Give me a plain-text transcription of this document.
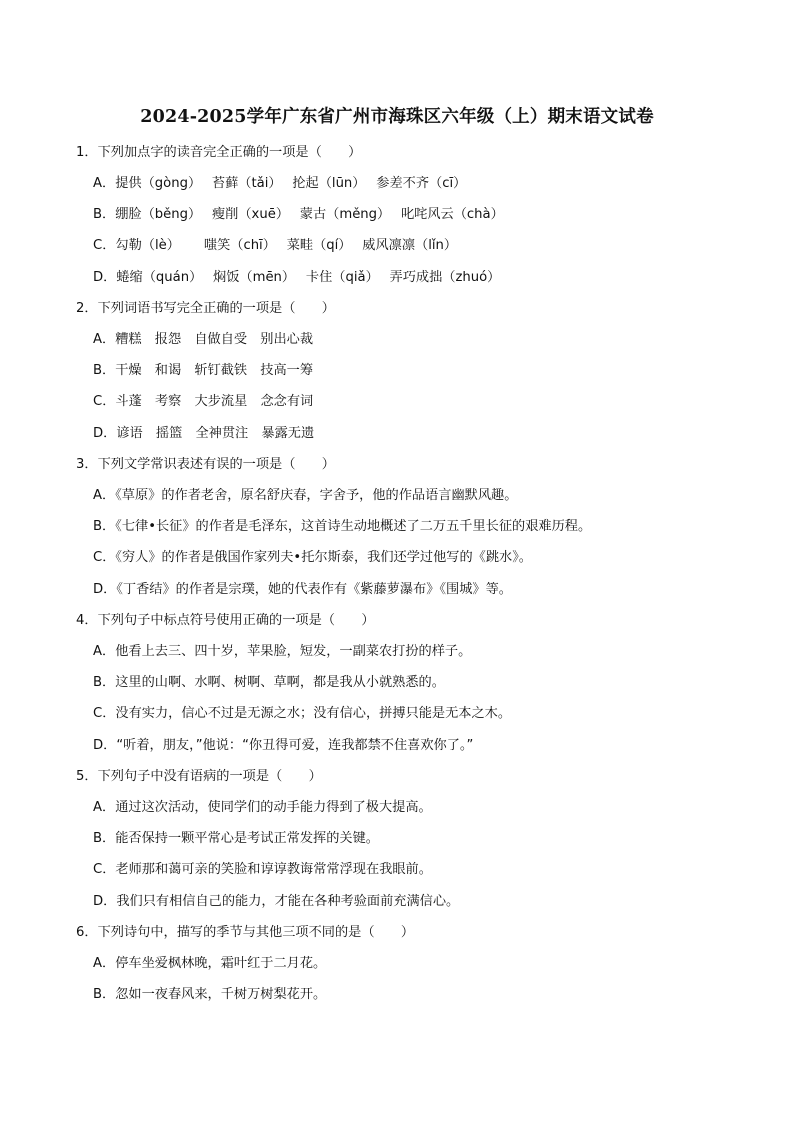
2024-2025学年广东省广州市海珠区六年级（上）期末语文试卷
1．下列加点字的读音完全正确的一项是（　　）
A．提供（gòng）　 苔藓（tǎi）　 抡起（lūn）　 参差不齐（cī）
B．绷脸（běng）　 瘦削（xuē）　 蒙古（měng）　 叱咤风云（chà）
C．勾勒（lè）　　 嗤笑（chī）　 菜畦（qí）　 威风凛凛（lǐn）
D．蜷缩（quán）　 焖饭（mēn）　 卡住（qiǎ）　 弄巧成拙（zhuó）
2．下列词语书写完全正确的一项是（　　）
A．糟糕　报怨　自做自受　别出心裁
B．干燥　和谒　斩钉截铁　技高一筹
C．斗蓬　考察　大步流星　念念有词
D．谚语　摇篮　全神贯注　暴露无遗
3．下列文学常识表述有误的一项是（　　）
A．《草原》的作者老舍，原名舒庆春，字舍予，他的作品语言幽默风趣。
B．《七律•长征》的作者是毛泽东，这首诗生动地概述了二万五千里长征的艰难历程。
C．《穷人》的作者是俄国作家列夫•托尔斯泰，我们还学过他写的《跳水》。
D．《丁香结》的作者是宗璞，她的代表作有《紫藤萝瀑布》《围城》等。
4．下列句子中标点符号使用正确的一项是（　　）
A．他看上去三、四十岁，苹果脸，短发，一副菜农打扮的样子。
B．这里的山啊、水啊、树啊、草啊，都是我从小就熟悉的。
C．没有实力，信心不过是无源之水；没有信心，拼搏只能是无本之木。
D．“听着，朋友，”他说：“你丑得可爱，连我都禁不住喜欢你了。”
5．下列句子中没有语病的一项是（　　）
A．通过这次活动，使同学们的动手能力得到了极大提高。
B．能否保持一颗平常心是考试正常发挥的关键。
C．老师那和蔼可亲的笑脸和谆谆教诲常常浮现在我眼前。
D．我们只有相信自己的能力，才能在各种考验面前充满信心。
6．下列诗句中，描写的季节与其他三项不同的是（　　）
A．停车坐爱枫林晚，霜叶红于二月花。
B．忽如一夜春风来，千树万树梨花开。
